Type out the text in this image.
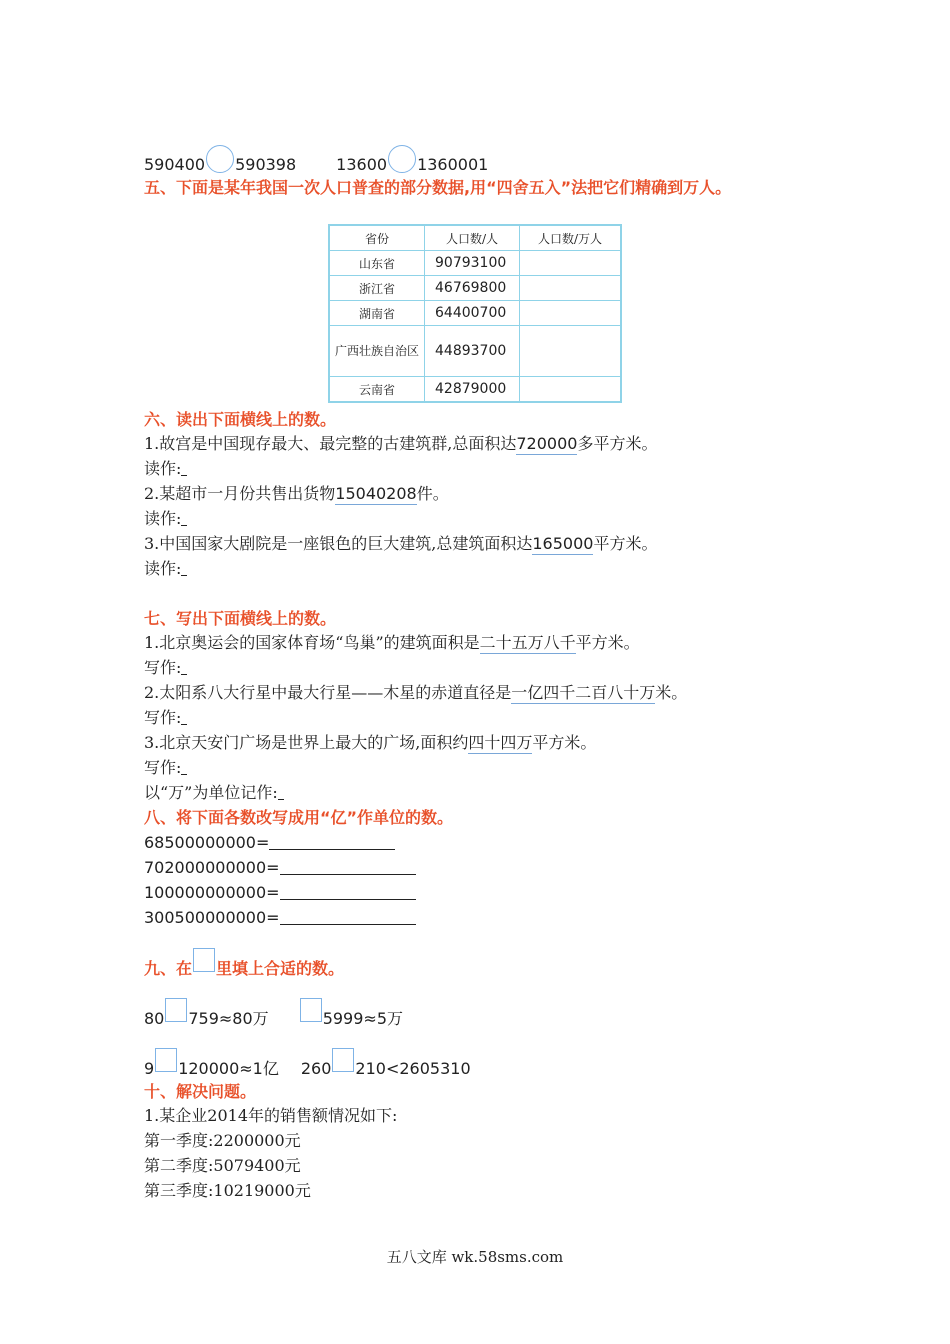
590400 590398	13600 1360001
五、下面是某年我国一次人口普查的部分数据,用“四舍五入”法把它们精确到万人。
省份	人口数/人	人口数/万人
山东省	90793100	
浙江省	46769800	
湖南省	64400700	
广西壮族自治区	44893700	
云南省	42879000	
六、读出下面横线上的数。
1.故宫是中国现存最大、最完整的古建筑群,总面积达720000多平方米。
读作:
2.某超市一月份共售出货物15040208件。
读作:
3.中国国家大剧院是一座银色的巨大建筑,总建筑面积达165000平方米。
读作:
七、写出下面横线上的数。
1.北京奥运会的国家体育场“鸟巢”的建筑面积是二十五万八千平方米。
写作:
2.太阳系八大行星中最大行星——木星的赤道直径是一亿四千二百八十万米。
写作:
3.北京天安门广场是世界上最大的广场,面积约四十四万平方米。
写作:
以“万”为单位记作:
八、将下面各数改写成用“亿”作单位的数。
68500000000=
702000000000=
100000000000=
300500000000=
九、在 里填上合适的数。
80 759≈80万	5999≈5万
9 120000≈1亿 260 210<2605310
十、解决问题。
1.某企业2014年的销售额情况如下:
第一季度:2200000元
第二季度:5079400元
第三季度:10219000元
五八文库 wk.58sms.com
